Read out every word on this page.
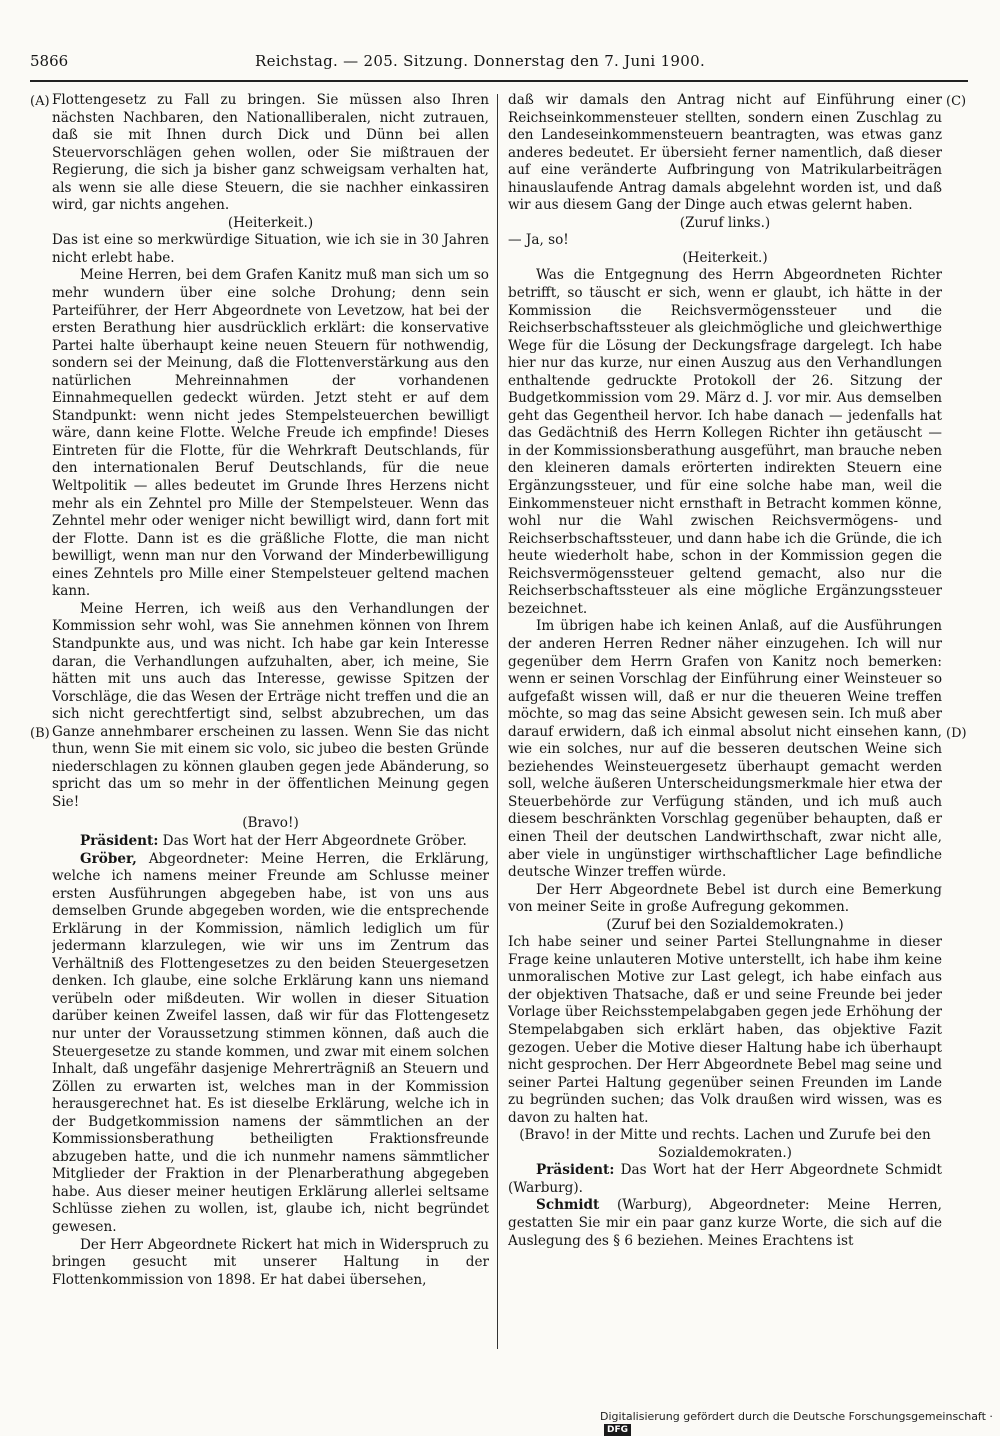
5866	Reichstag. — 205. Sitzung. Donnerstag den 7. Juni 1900.
(A)
(B)
(C)
(D)

Flottengesetz zu Fall zu bringen. Sie müssen also Ihren nächsten Nachbaren, den Nationalliberalen, nicht zutrauen, daß sie mit Ihnen durch Dick und Dünn bei allen Steuervorschlägen gehen wollen, oder Sie mißtrauen der Regierung, die sich ja bisher ganz schweigsam verhalten hat, als wenn sie alle diese Steuern, die sie nachher einkassiren wird, gar nichts angehen.

(Heiterkeit.)

Das ist eine so merkwürdige Situation, wie ich sie in 30 Jahren nicht erlebt habe.

Meine Herren, bei dem Grafen Kanitz muß man sich um so mehr wundern über eine solche Drohung; denn sein Parteiführer, der Herr Abgeordnete von Levetzow, hat bei der ersten Berathung hier ausdrücklich erklärt: die konservative Partei halte überhaupt keine neuen Steuern für nothwendig, sondern sei der Meinung, daß die Flottenverstärkung aus den natürlichen Mehreinnahmen der vorhandenen Einnahmequellen gedeckt würden. Jetzt steht er auf dem Standpunkt: wenn nicht jedes Stempelsteuerchen bewilligt wäre, dann keine Flotte. Welche Freude ich empfinde! Dieses Eintreten für die Flotte, für die Wehrkraft Deutschlands, für den internationalen Beruf Deutschlands, für die neue Weltpolitik — alles bedeutet im Grunde Ihres Herzens nicht mehr als ein Zehntel pro Mille der Stempelsteuer. Wenn das Zehntel mehr oder weniger nicht bewilligt wird, dann fort mit der Flotte. Dann ist es die gräßliche Flotte, die man nicht bewilligt, wenn man nur den Vorwand der Minderbewilligung eines Zehntels pro Mille einer Stempelsteuer geltend machen kann.

Meine Herren, ich weiß aus den Verhandlungen der Kommission sehr wohl, was Sie annehmen können von Ihrem Standpunkte aus, und was nicht. Ich habe gar kein Interesse daran, die Verhandlungen aufzuhalten, aber, ich meine, Sie hätten mit uns auch das Interesse, gewisse Spitzen der Vorschläge, die das Wesen der Erträge nicht treffen und die an sich nicht gerechtfertigt sind, selbst abzubrechen, um das Ganze annehmbarer erscheinen zu lassen. Wenn Sie das nicht thun, wenn Sie mit einem sic volo, sic jubeo die besten Gründe niederschlagen zu können glauben gegen jede Abänderung, so spricht das um so mehr in der öffentlichen Meinung gegen Sie!

(Bravo!)

Präsident: Das Wort hat der Herr Abgeordnete Gröber.

Gröber, Abgeordneter: Meine Herren, die Erklärung, welche ich namens meiner Freunde am Schlusse meiner ersten Ausführungen abgegeben habe, ist von uns aus demselben Grunde abgegeben worden, wie die entsprechende Erklärung in der Kommission, nämlich lediglich um für jedermann klarzulegen, wie wir uns im Zentrum das Verhältniß des Flottengesetzes zu den beiden Steuergesetzen denken. Ich glaube, eine solche Erklärung kann uns niemand verübeln oder mißdeuten. Wir wollen in dieser Situation darüber keinen Zweifel lassen, daß wir für das Flottengesetz nur unter der Voraussetzung stimmen können, daß auch die Steuergesetze zu stande kommen, und zwar mit einem solchen Inhalt, daß ungefähr dasjenige Mehrerträgniß an Steuern und Zöllen zu erwarten ist, welches man in der Kommission herausgerechnet hat. Es ist dieselbe Erklärung, welche ich in der Budgetkommission namens der sämmtlichen an der Kommissionsberathung betheiligten Fraktionsfreunde abzugeben hatte, und die ich nunmehr namens sämmtlicher Mitglieder der Fraktion in der Plenarberathung abgegeben habe. Aus dieser meiner heutigen Erklärung allerlei seltsame Schlüsse ziehen zu wollen, ist, glaube ich, nicht begründet gewesen.

Der Herr Abgeordnete Rickert hat mich in Widerspruch zu bringen gesucht mit unserer Haltung in der Flottenkommission von 1898. Er hat dabei übersehen,

daß wir damals den Antrag nicht auf Einführung einer Reichseinkommensteuer stellten, sondern einen Zuschlag zu den Landeseinkommensteuern beantragten, was etwas ganz anderes bedeutet. Er übersieht ferner namentlich, daß dieser auf eine veränderte Aufbringung von Matrikularbeiträgen hinauslaufende Antrag damals abgelehnt worden ist, und daß wir aus diesem Gang der Dinge auch etwas gelernt haben.

(Zuruf links.)

— Ja, so!

(Heiterkeit.)

Was die Entgegnung des Herrn Abgeordneten Richter betrifft, so täuscht er sich, wenn er glaubt, ich hätte in der Kommission die Reichsvermögenssteuer und die Reichserbschaftssteuer als gleichmögliche und gleichwerthige Wege für die Lösung der Deckungsfrage dargelegt. Ich habe hier nur das kurze, nur einen Auszug aus den Verhandlungen enthaltende gedruckte Protokoll der 26. Sitzung der Budgetkommission vom 29. März d. J. vor mir. Aus demselben geht das Gegentheil hervor. Ich habe danach — jedenfalls hat das Gedächtniß des Herrn Kollegen Richter ihn getäuscht — in der Kommissionsberathung ausgeführt, man brauche neben den kleineren damals erörterten indirekten Steuern eine Ergänzungssteuer, und für eine solche habe man, weil die Einkommensteuer nicht ernsthaft in Betracht kommen könne, wohl nur die Wahl zwischen Reichsvermögens- und Reichserbschaftssteuer, und dann habe ich die Gründe, die ich heute wiederholt habe, schon in der Kommission gegen die Reichsvermögenssteuer geltend gemacht, also nur die Reichserbschaftssteuer als eine mögliche Ergänzungssteuer bezeichnet.

Im übrigen habe ich keinen Anlaß, auf die Ausführungen der anderen Herren Redner näher einzugehen. Ich will nur gegenüber dem Herrn Grafen von Kanitz noch bemerken: wenn er seinen Vorschlag der Einführung einer Weinsteuer so aufgefaßt wissen will, daß er nur die theueren Weine treffen möchte, so mag das seine Absicht gewesen sein. Ich muß aber darauf erwidern, daß ich einmal absolut nicht einsehen kann, wie ein solches, nur auf die besseren deutschen Weine sich beziehendes Weinsteuergesetz überhaupt gemacht werden soll, welche äußeren Unterscheidungsmerkmale hier etwa der Steuerbehörde zur Verfügung ständen, und ich muß auch diesem beschränkten Vorschlag gegenüber behaupten, daß er einen Theil der deutschen Landwirthschaft, zwar nicht alle, aber viele in ungünstiger wirthschaftlicher Lage befindliche deutsche Winzer treffen würde.

Der Herr Abgeordnete Bebel ist durch eine Bemerkung von meiner Seite in große Aufregung gekommen.

(Zuruf bei den Sozialdemokraten.)

Ich habe seiner und seiner Partei Stellungnahme in dieser Frage keine unlauteren Motive unterstellt, ich habe ihm keine unmoralischen Motive zur Last gelegt, ich habe einfach aus der objektiven Thatsache, daß er und seine Freunde bei jeder Vorlage über Reichsstempelabgaben gegen jede Erhöhung der Stempelabgaben sich erklärt haben, das objektive Fazit gezogen. Ueber die Motive dieser Haltung habe ich überhaupt nicht gesprochen. Der Herr Abgeordnete Bebel mag seine und seiner Partei Haltung gegenüber seinen Freunden im Lande zu begründen suchen; das Volk draußen wird wissen, was es davon zu halten hat.

(Bravo! in der Mitte und rechts. Lachen und Zurufe bei den Sozialdemokraten.)

Präsident: Das Wort hat der Herr Abgeordnete Schmidt (Warburg).

Schmidt (Warburg), Abgeordneter: Meine Herren, gestatten Sie mir ein paar ganz kurze Worte, die sich auf die Auslegung des § 6 beziehen. Meines Erachtens ist

Digitalisierung gefördert durch die Deutsche Forschungsgemeinschaft ·DFG
